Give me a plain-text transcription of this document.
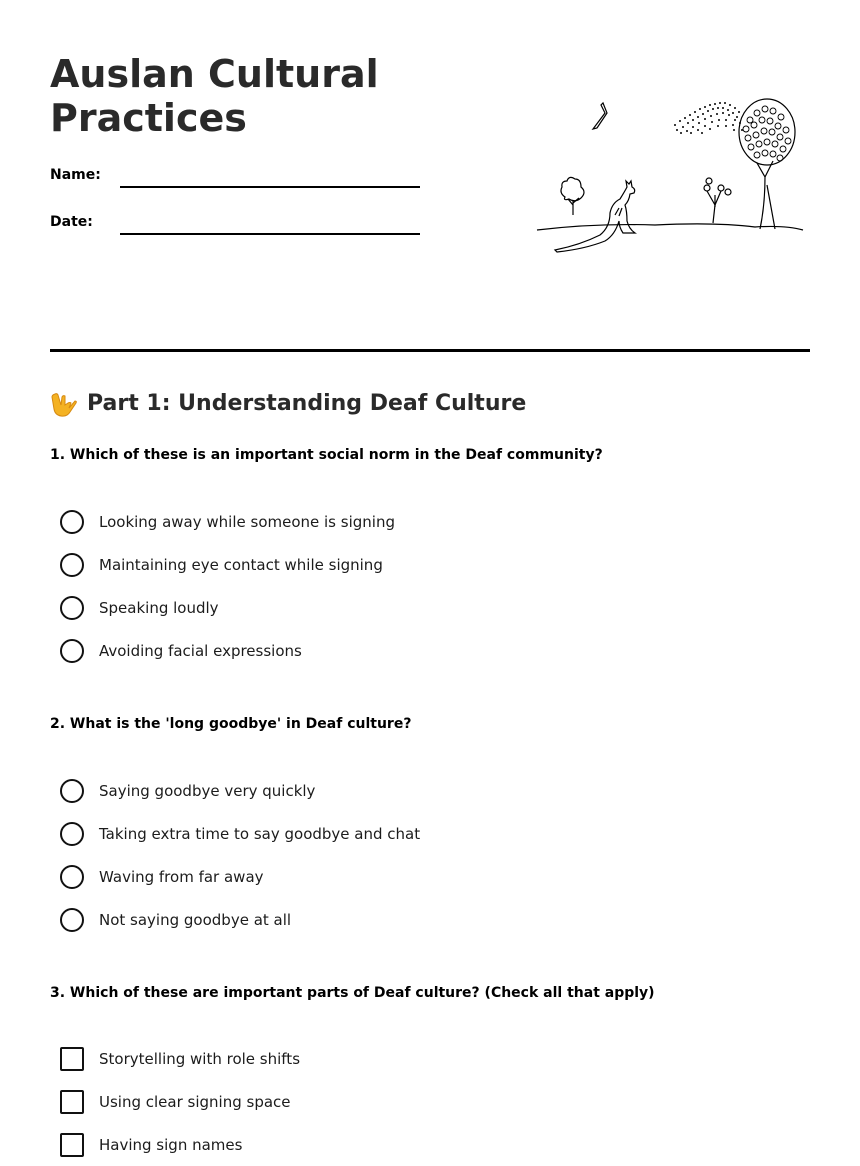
Auslan Cultural Practices
Name:
Date:
Part 1: Understanding Deaf Culture

1. Which of these is an important social norm in the Deaf community?

Looking away while someone is signing
Maintaining eye contact while signing
Speaking loudly
Avoiding facial expressions

2. What is the 'long goodbye' in Deaf culture?

Saying goodbye very quickly
Taking extra time to say goodbye and chat
Waving from far away
Not saying goodbye at all

3. Which of these are important parts of Deaf culture? (Check all that apply)

Storytelling with role shifts
Using clear signing space
Having sign names
